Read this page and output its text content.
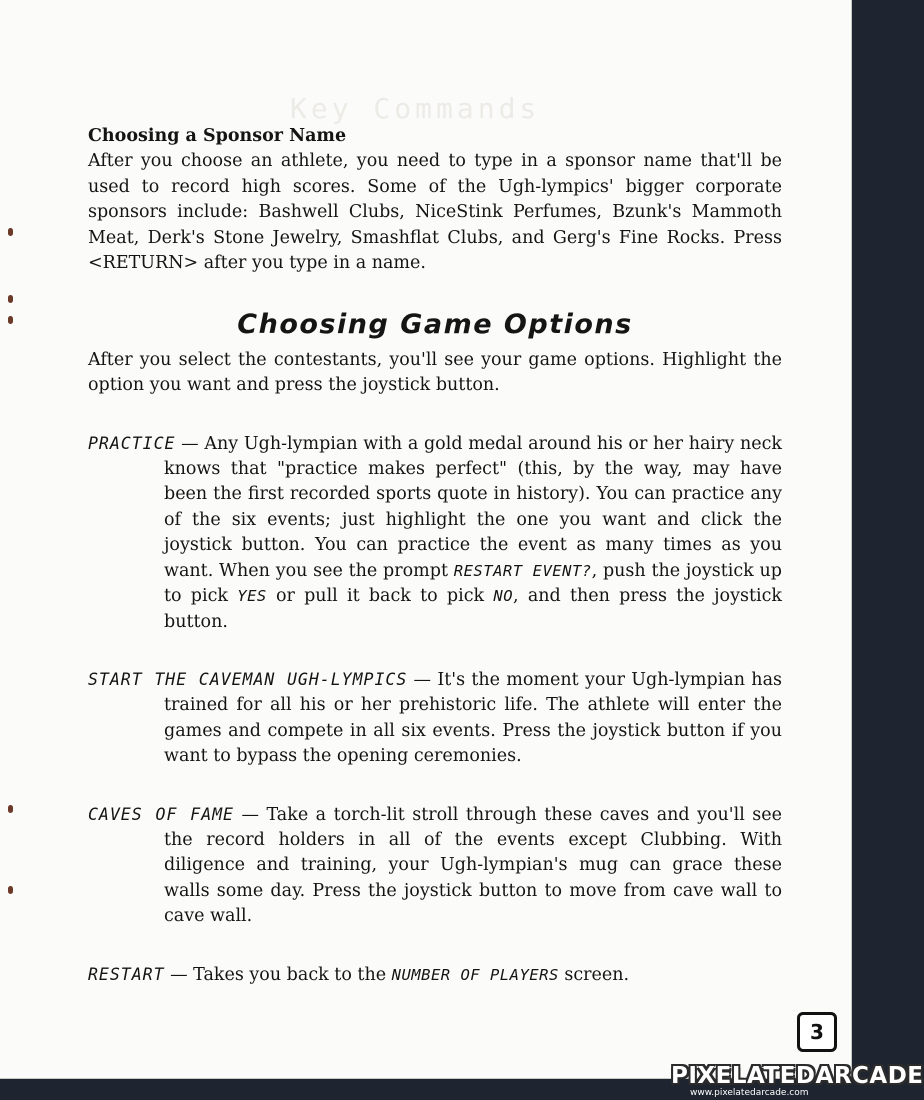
Key Commands
Choosing a Sponsor Name

After you choose an athlete, you need to type in a sponsor name that'll be used to record high scores. Some of the Ugh-lympics' bigger corporate sponsors include: Bashwell Clubs, NiceStink Perfumes, Bzunk's Mammoth Meat, Derk's Stone Jewelry, Smashflat Clubs, and Gerg's Fine Rocks. Press <RETURN> after you type in a name.

Choosing Game Options

After you select the contestants, you'll see your game options. Highlight the option you want and press the joystick button.

PRACTICE — Any Ugh-lympian with a gold medal around his or her hairy neck knows that "practice makes perfect" (this, by the way, may have been the first recorded sports quote in history). You can practice any of the six events; just highlight the one you want and click the joystick button. You can practice the event as many times as you want. When you see the prompt RESTART EVENT?, push the joystick up to pick YES or pull it back to pick NO, and then press the joystick button.

START THE CAVEMAN UGH-LYMPICS — It's the moment your Ugh-lympian has trained for all his or her prehistoric life. The athlete will enter the games and compete in all six events. Press the joystick button if you want to bypass the opening ceremonies.

CAVES OF FAME — Take a torch-lit stroll through these caves and you'll see the record holders in all of the events except Clubbing. With diligence and training, your Ugh-lympian's mug can grace these walls some day. Press the joystick button to move from cave wall to cave wall.

RESTART — Takes you back to the NUMBER OF PLAYERS screen.

3
PIXELATEDARCADE
www.pixelatedarcade.com
